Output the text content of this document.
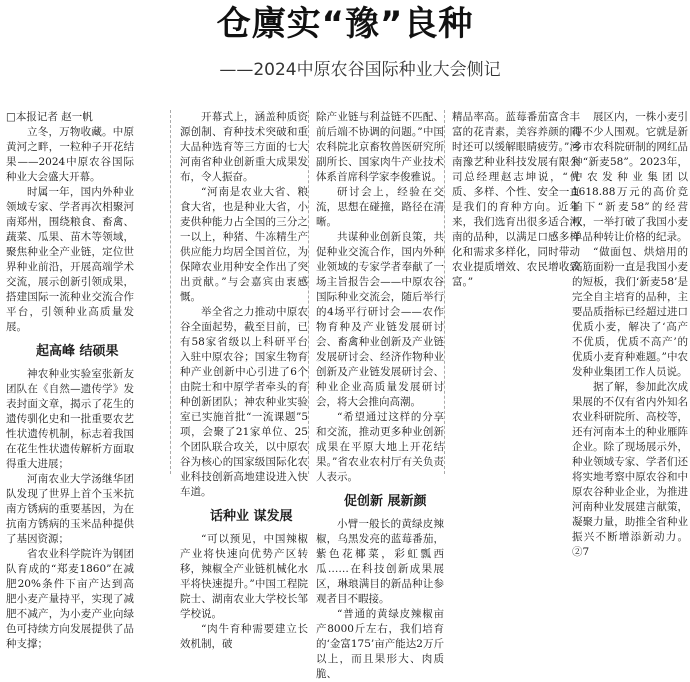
仓廪实“豫”良种
——2024中原农谷国际种业大会侧记

□本报记者 赵一帆

立冬，万物收藏。中原黄河之畔，一粒种子开花结果——2024中原农谷国际种业大会盛大开幕。

时属一年，国内外种业领域专家、学者再次相聚河南郑州，围绕粮食、畜禽、蔬菜、瓜果、苗木等领域，聚焦种业全产业链，定位世界种业前沿，开展高端学术交流，展示创新引领成果，搭建国际一流种业交流合作平台，引领种业高质量发展。

起高峰 结硕果

神农种业实验室张新友团队在《自然—遗传学》发表封面文章，揭示了花生的遗传驯化史和一批重要农艺性状遗传机制，标志着我国在花生性状遗传解析方面取得重大进展；

河南农业大学汤继华团队发现了世界上首个玉米抗南方锈病的重要基因，为在抗南方锈病的玉米品种提供了基因资源；

省农业科学院许为钢团队育成的“郑麦1860”在减肥20%条件下亩产达到高肥小麦产量持平，实现了减肥不减产，为小麦产业向绿色可持续方向发展提供了品种支撑；

开幕式上，涵盖种质资源创制、育种技术突破和重大品种选育等三方面的七大河南省种业创新重大成果发布，令人振奋。

“河南是农业大省、粮食大省，也是种业大省，小麦供种能力占全国的三分之一以上，种猪、牛冻精生产供应能力均居全国首位，为保障农业用种安全作出了突出贡献。”与会嘉宾由衷感慨。

举全省之力推动中原农谷全面起势，截至目前，已有58家省级以上科研平台入驻中原农谷；国家生物育种产业创新中心引进了6个由院士和中原学者牵头的育种创新团队；神农种业实验室已实施首批“一流课题”5项，会聚了21家单位、25个团队联合攻关，以中原农谷为核心的国家级国际化农业科技创新高地建设进入快车道。

话种业 谋发展

“可以预见，中国辣椒产业将快速向优势产区转移，辣椒全产业链机械化水平将快速提升。”中国工程院院士、湖南农业大学校长邹学校说。

“肉牛育种需要建立长效机制，破

除产业链与利益链不匹配、前后端不协调的问题。”中国农科院北京畜牧兽医研究所副所长、国家肉牛产业技术体系首席科学家李俊雅说。

研讨会上，经验在交流，思想在碰撞，路径在清晰。

共谋种业创新良策，共促种业交流合作，国内外种业领域的专家学者奉献了一场主旨报告会——中原农谷国际种业交流会，随后举行的4场平行研讨会——农作物育种及产业链发展研讨会、畜禽种业创新及产业链发展研讨会、经济作物种业创新及产业链发展研讨会、种业企业高质量发展研讨会，将大会推向高潮。

“希望通过这样的分享和交流，推动更多种业创新成果在平原大地上开花结果。”省农业农村厅有关负责人表示。

促创新 展新颜

小臂一般长的黄绿皮辣椒，乌黑发亮的蓝莓番茄，紫色花椰菜，彩虹瓢西瓜……在科技创新成果展区，琳琅满目的新品种让参观者目不暇接。

“普通的黄绿皮辣椒亩产8000斤左右，我们培育的‘金富175’亩产能达2万斤以上，而且果形大、肉质脆、

精品率高。蓝莓番茄富含丰富的花青素，美容养颜的同时还可以缓解眼睛疲劳。”河南豫艺种业科技发展有限公司总经理赵志坤说，“优质、多样、个性、安全一直是我们的育种方向。近年来，我们选育出很多适合河南的品种，以满足口感多样化和需求多样化，同时带动农业提质增效、农民增收致富。”

展区内，一株小麦引得不少人围观。它就是新乡市农科院研制的网红品种“新麦58”。2023年，中农发种业集团以1618.88万元的高价竞拍下“新麦58”的经营权，一举打破了我国小麦单品种转让价格的纪录。

“做面包、烘焙用的高筋面粉一直是我国小麦的短板，我们‘新麦58’是完全自主培育的品种，主要品质指标已经超过进口优质小麦，解决了‘高产不优质，优质不高产’的优质小麦育种难题。”中农发种业集团工作人员说。

据了解，参加此次成果展的不仅有省内外知名农业科研院所、高校等，还有河南本土的种业雁阵企业。除了现场展示外，种业领域专家、学者们还将实地考察中原农谷和中原农谷种业企业，为推进河南种业发展建言献策，凝聚力量，助推全省种业振兴不断增添新动力。②7
